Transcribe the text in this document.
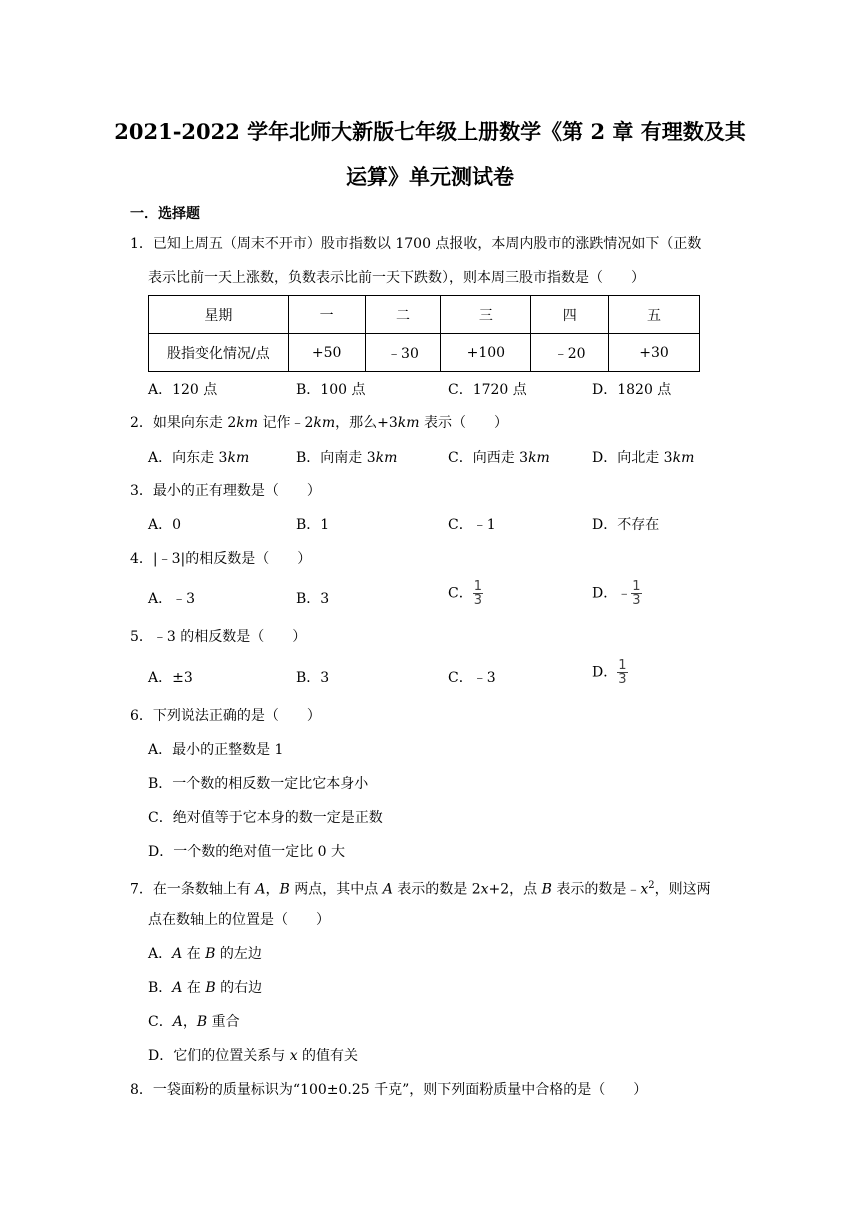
2021-2022 学年北师大新版七年级上册数学《第 2 章 有理数及其
运算》单元测试卷
一．选择题
1．已知上周五（周末不开市）股市指数以 1700 点报收，本周内股市的涨跌情况如下（正数
表示比前一天上涨数，负数表示比前一天下跌数），则本周三股市指数是（　　）
星期	一	二	三	四	五
股指变化情况/点	+50	﹣30	+100	﹣20	+30
A．120 点	B．100 点	C．1720 点	D．1820 点
2．如果向东走 2km 记作﹣2km，那么+3km 表示（　　）
A．向东走 3km	B．向南走 3km	C．向西走 3km	D．向北走 3km
3．最小的正有理数是（　　）
A．0	B．1	C．﹣1	D．不存在
4．|﹣3|的相反数是（　　）
A．﹣3	B．3	C． $\frac{1}{3}$	D．﹣ $\frac{1}{3}$
5．﹣3 的相反数是（　　）
A．±3	B．3	C．﹣3	D． $\frac{1}{3}$
6．下列说法正确的是（　　）
A．最小的正整数是 1
B．一个数的相反数一定比它本身小
C．绝对值等于它本身的数一定是正数
D．一个数的绝对值一定比 0 大
7．在一条数轴上有 A，B 两点，其中点 A 表示的数是 2x+2，点 B 表示的数是$﹣x^2$，则这两
点在数轴上的位置是（　　）
A．A 在 B 的左边
B．A 在 B 的右边
C．A，B 重合
D．它们的位置关系与 x 的值有关
8．一袋面粉的质量标识为“100±0.25 千克”，则下列面粉质量中合格的是（　　）
